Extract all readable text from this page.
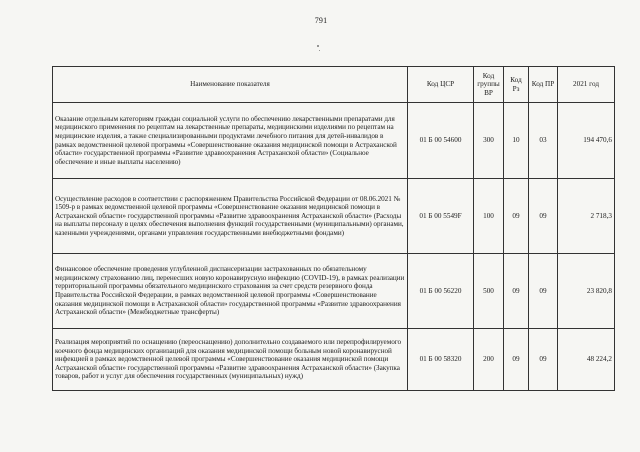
791
Наименование показателя	Код ЦСР	Код группы ВР	Код Рз	Код ПР	2021 год
Оказание отдельным категориям граждан социальной услуги по обеспечению лекарственными препаратами для медицинского применения по рецептам на лекарственные препараты, медицинскими изделиями по рецептам на медицинские изделия, а также специализированными продуктами лечебного питания для детей-инвалидов в рамках ведомственной целевой программы «Совершенствование оказания медицинской помощи в Астраханской области» государственной программы «Развитие здравоохранения Астраханской области» (Социальное обеспечение и иные выплаты населению)	01 Б 00 54600	300	10	03	194 470,6
Осуществление расходов в соответствии с распоряжением Правительства Российской Федерации от 08.06.2021 № 1509-р в рамках ведомственной целевой программы «Совершенствование оказания медицинской помощи в Астраханской области» государственной программы «Развитие здравоохранения Астраханской области» (Расходы на выплаты персоналу в целях обеспечения выполнения функций государственными (муниципальными) органами, казенными учреждениями, органами управления государственными внебюджетными фондами)	01 Б 00 5549F	100	09	09	2 718,3
Финансовое обеспечение проведения углубленной диспансеризации застрахованных по обязательному медицинскому страхованию лиц, перенесших новую коронавирусную инфекцию (COVID-19), в рамках реализации территориальной программы обязательного медицинского страхования за счет средств резервного фонда Правительства Российской Федерации, в рамках ведомственной целевой программы «Совершенствование оказания медицинской помощи в Астраханской области» государственной программы «Развитие здравоохранения Астраханской области» (Межбюджетные трансферты)	01 Б 00 56220	500	09	09	23 820,8
Реализация мероприятий по оснащению (переоснащению) дополнительно создаваемого или перепрофилируемого коечного фонда медицинских организаций для оказания медицинской помощи больным новой коронавирусной инфекцией в рамках ведомственной целевой программы «Совершенствование оказания медицинской помощи Астраханской области» государственной программы «Развитие здравоохранения Астраханской области» (Закупка товаров, работ и услуг для обеспечения государственных (муниципальных) нужд)	01 Б 00 58320	200	09	09	48 224,2
